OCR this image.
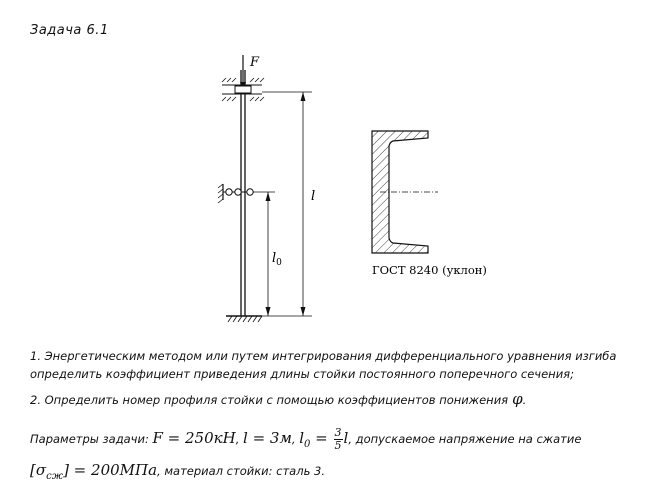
Задача 6.1
F
l
$l_0$	ГОСТ 8240 (уклон)
1. Энергетическим методом или путем интегрирования дифференциального уравнения изгиба определить коэффициент приведения длины стойки постоянного поперечного сечения;
2. Определить номер профиля стойки с помощью коэффициентов понижения φ.
Параметры задачи: F = 250кН, l = 3м, $l_0 = \frac{3}{5} l$, допускаемое напряжение на сжатие
$[\sigma_{сж}] = 200МПа$, материал стойки: сталь 3.
